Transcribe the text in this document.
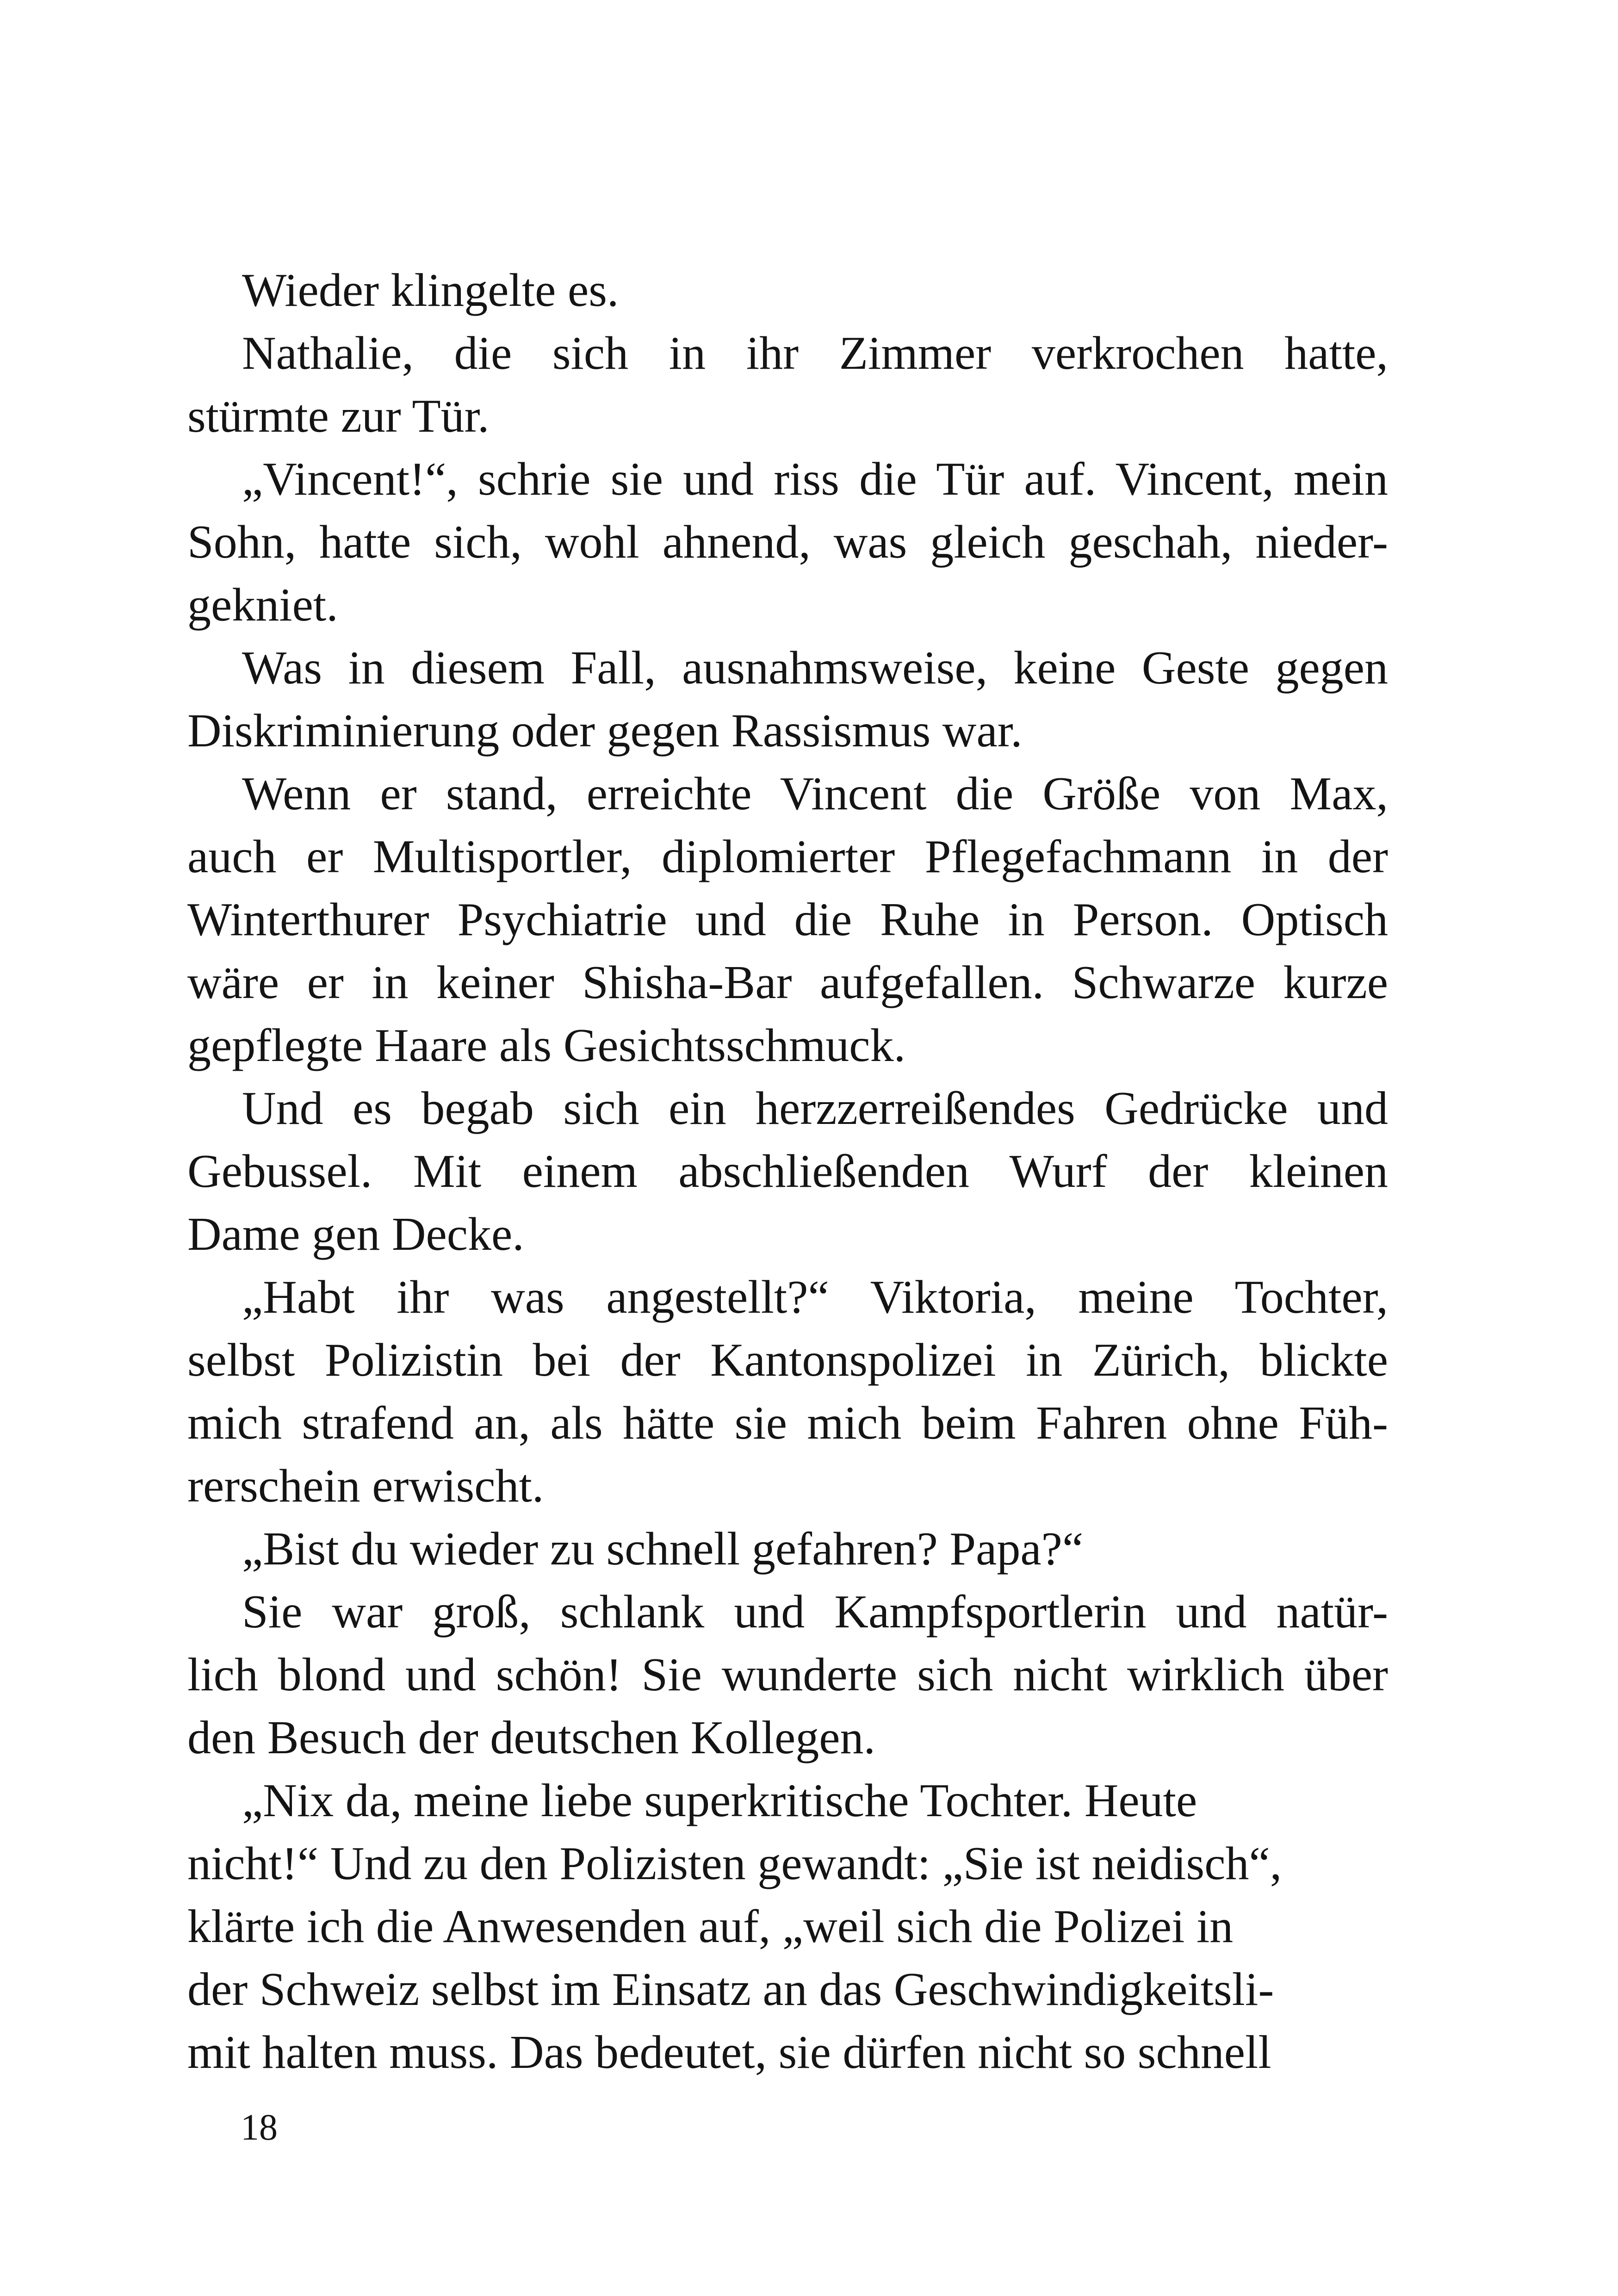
Wieder klingelte es.
Nathalie, die sich in ihr Zimmer verkrochen hatte,
stürmte zur Tür.
„Vincent!“, schrie sie und riss die Tür auf. Vincent, mein
Sohn, hatte sich, wohl ahnend, was gleich geschah, nieder-
gekniet.
Was in diesem Fall, ausnahmsweise, keine Geste gegen
Diskriminierung oder gegen Rassismus war.
Wenn er stand, erreichte Vincent die Größe von Max,
auch er Multisportler, diplomierter Pflegefachmann in der
Winterthurer Psychiatrie und die Ruhe in Person. Optisch
wäre er in keiner Shisha-Bar aufgefallen. Schwarze kurze
gepflegte Haare als Gesichtsschmuck.
Und es begab sich ein herzzerreißendes Gedrücke und
Gebussel. Mit einem abschließenden Wurf der kleinen
Dame gen Decke.
„Habt ihr was angestellt?“ Viktoria, meine Tochter,
selbst Polizistin bei der Kantonspolizei in Zürich, blickte
mich strafend an, als hätte sie mich beim Fahren ohne Füh-
rerschein erwischt.
„Bist du wieder zu schnell gefahren? Papa?“
Sie war groß, schlank und Kampfsportlerin und natür-
lich blond und schön! Sie wunderte sich nicht wirklich über
den Besuch der deutschen Kollegen.
„Nix da, meine liebe superkritische Tochter. Heute
nicht!“ Und zu den Polizisten gewandt: „Sie ist neidisch“,
klärte ich die Anwesenden auf, „weil sich die Polizei in
der Schweiz selbst im Einsatz an das Geschwindigkeitsli-
mit halten muss. Das bedeutet, sie dürfen nicht so schnell
18
